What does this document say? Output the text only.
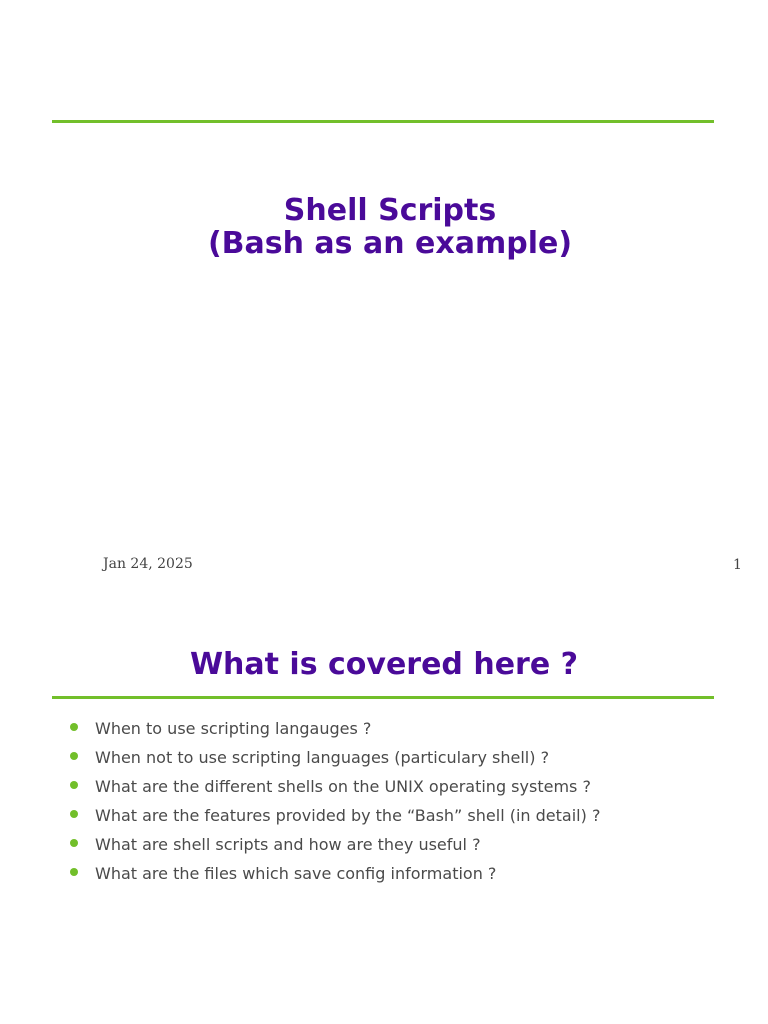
Shell Scripts
(Bash as an example)
Jan 24, 2025	1
What is covered here ?
When to use scripting langauges ?
When not to use scripting languages (particulary shell) ?
What are the different shells on the UNIX operating systems ?
What are the features provided by the “Bash” shell (in detail) ?
What are shell scripts and how are they useful ?
What are the files which save config information ?
